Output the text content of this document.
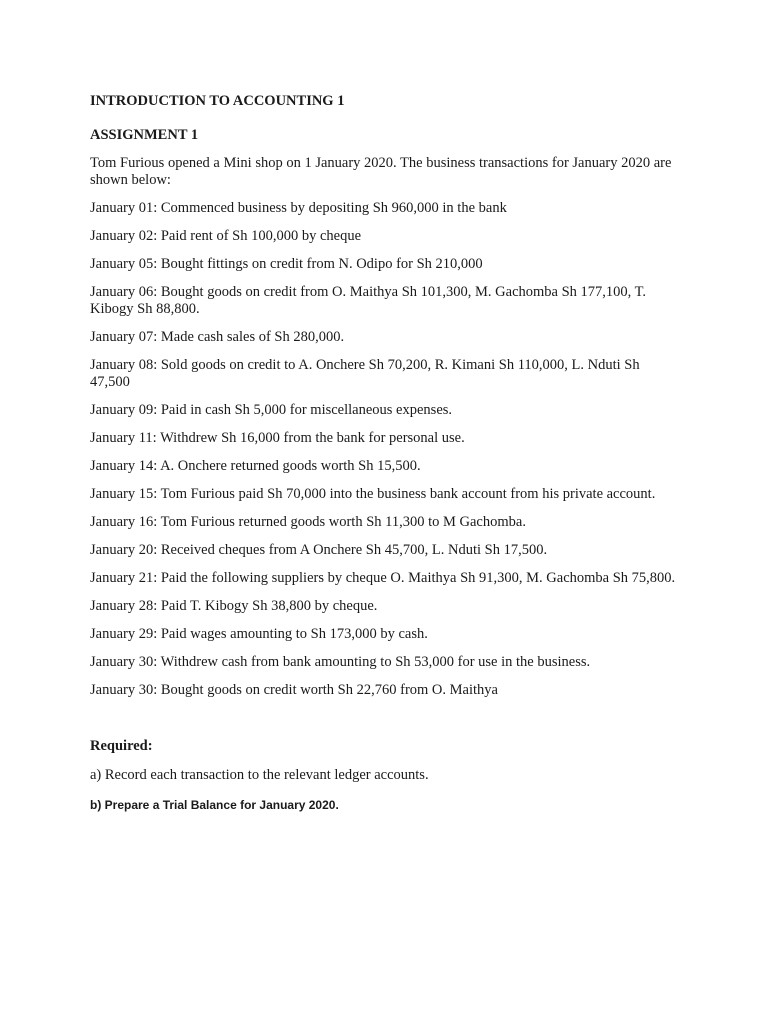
INTRODUCTION TO ACCOUNTING 1

ASSIGNMENT 1

Tom Furious opened a Mini shop on 1 January 2020. The business transactions for January 2020 are shown below:

January 01: Commenced business by depositing Sh 960,000 in the bank
January 02: Paid rent of Sh 100,000 by cheque
January 05: Bought fittings on credit from N. Odipo for Sh 210,000
January 06: Bought goods on credit from O. Maithya Sh 101,300, M. Gachomba Sh 177,100, T. Kibogy Sh 88,800.
January 07: Made cash sales of Sh 280,000.
January 08: Sold goods on credit to A. Onchere Sh 70,200, R. Kimani Sh 110,000, L. Nduti Sh 47,500
January 09: Paid in cash Sh 5,000 for miscellaneous expenses.
January 11: Withdrew Sh 16,000 from the bank for personal use.
January 14: A. Onchere returned goods worth Sh 15,500.
January 15: Tom Furious paid Sh 70,000 into the business bank account from his private account.
January 16: Tom Furious returned goods worth Sh 11,300 to M Gachomba.
January 20: Received cheques from A Onchere Sh 45,700, L. Nduti Sh 17,500.
January 21: Paid the following suppliers by cheque O. Maithya Sh 91,300, M. Gachomba Sh 75,800.
January 28: Paid T. Kibogy Sh 38,800 by cheque.
January 29: Paid wages amounting to Sh 173,000 by cash.
January 30: Withdrew cash from bank amounting to Sh 53,000 for use in the business.
January 30: Bought goods on credit worth Sh 22,760 from O. Maithya

Required:

a) Record each transaction to the relevant ledger accounts.

b) Prepare a Trial Balance for January 2020.
